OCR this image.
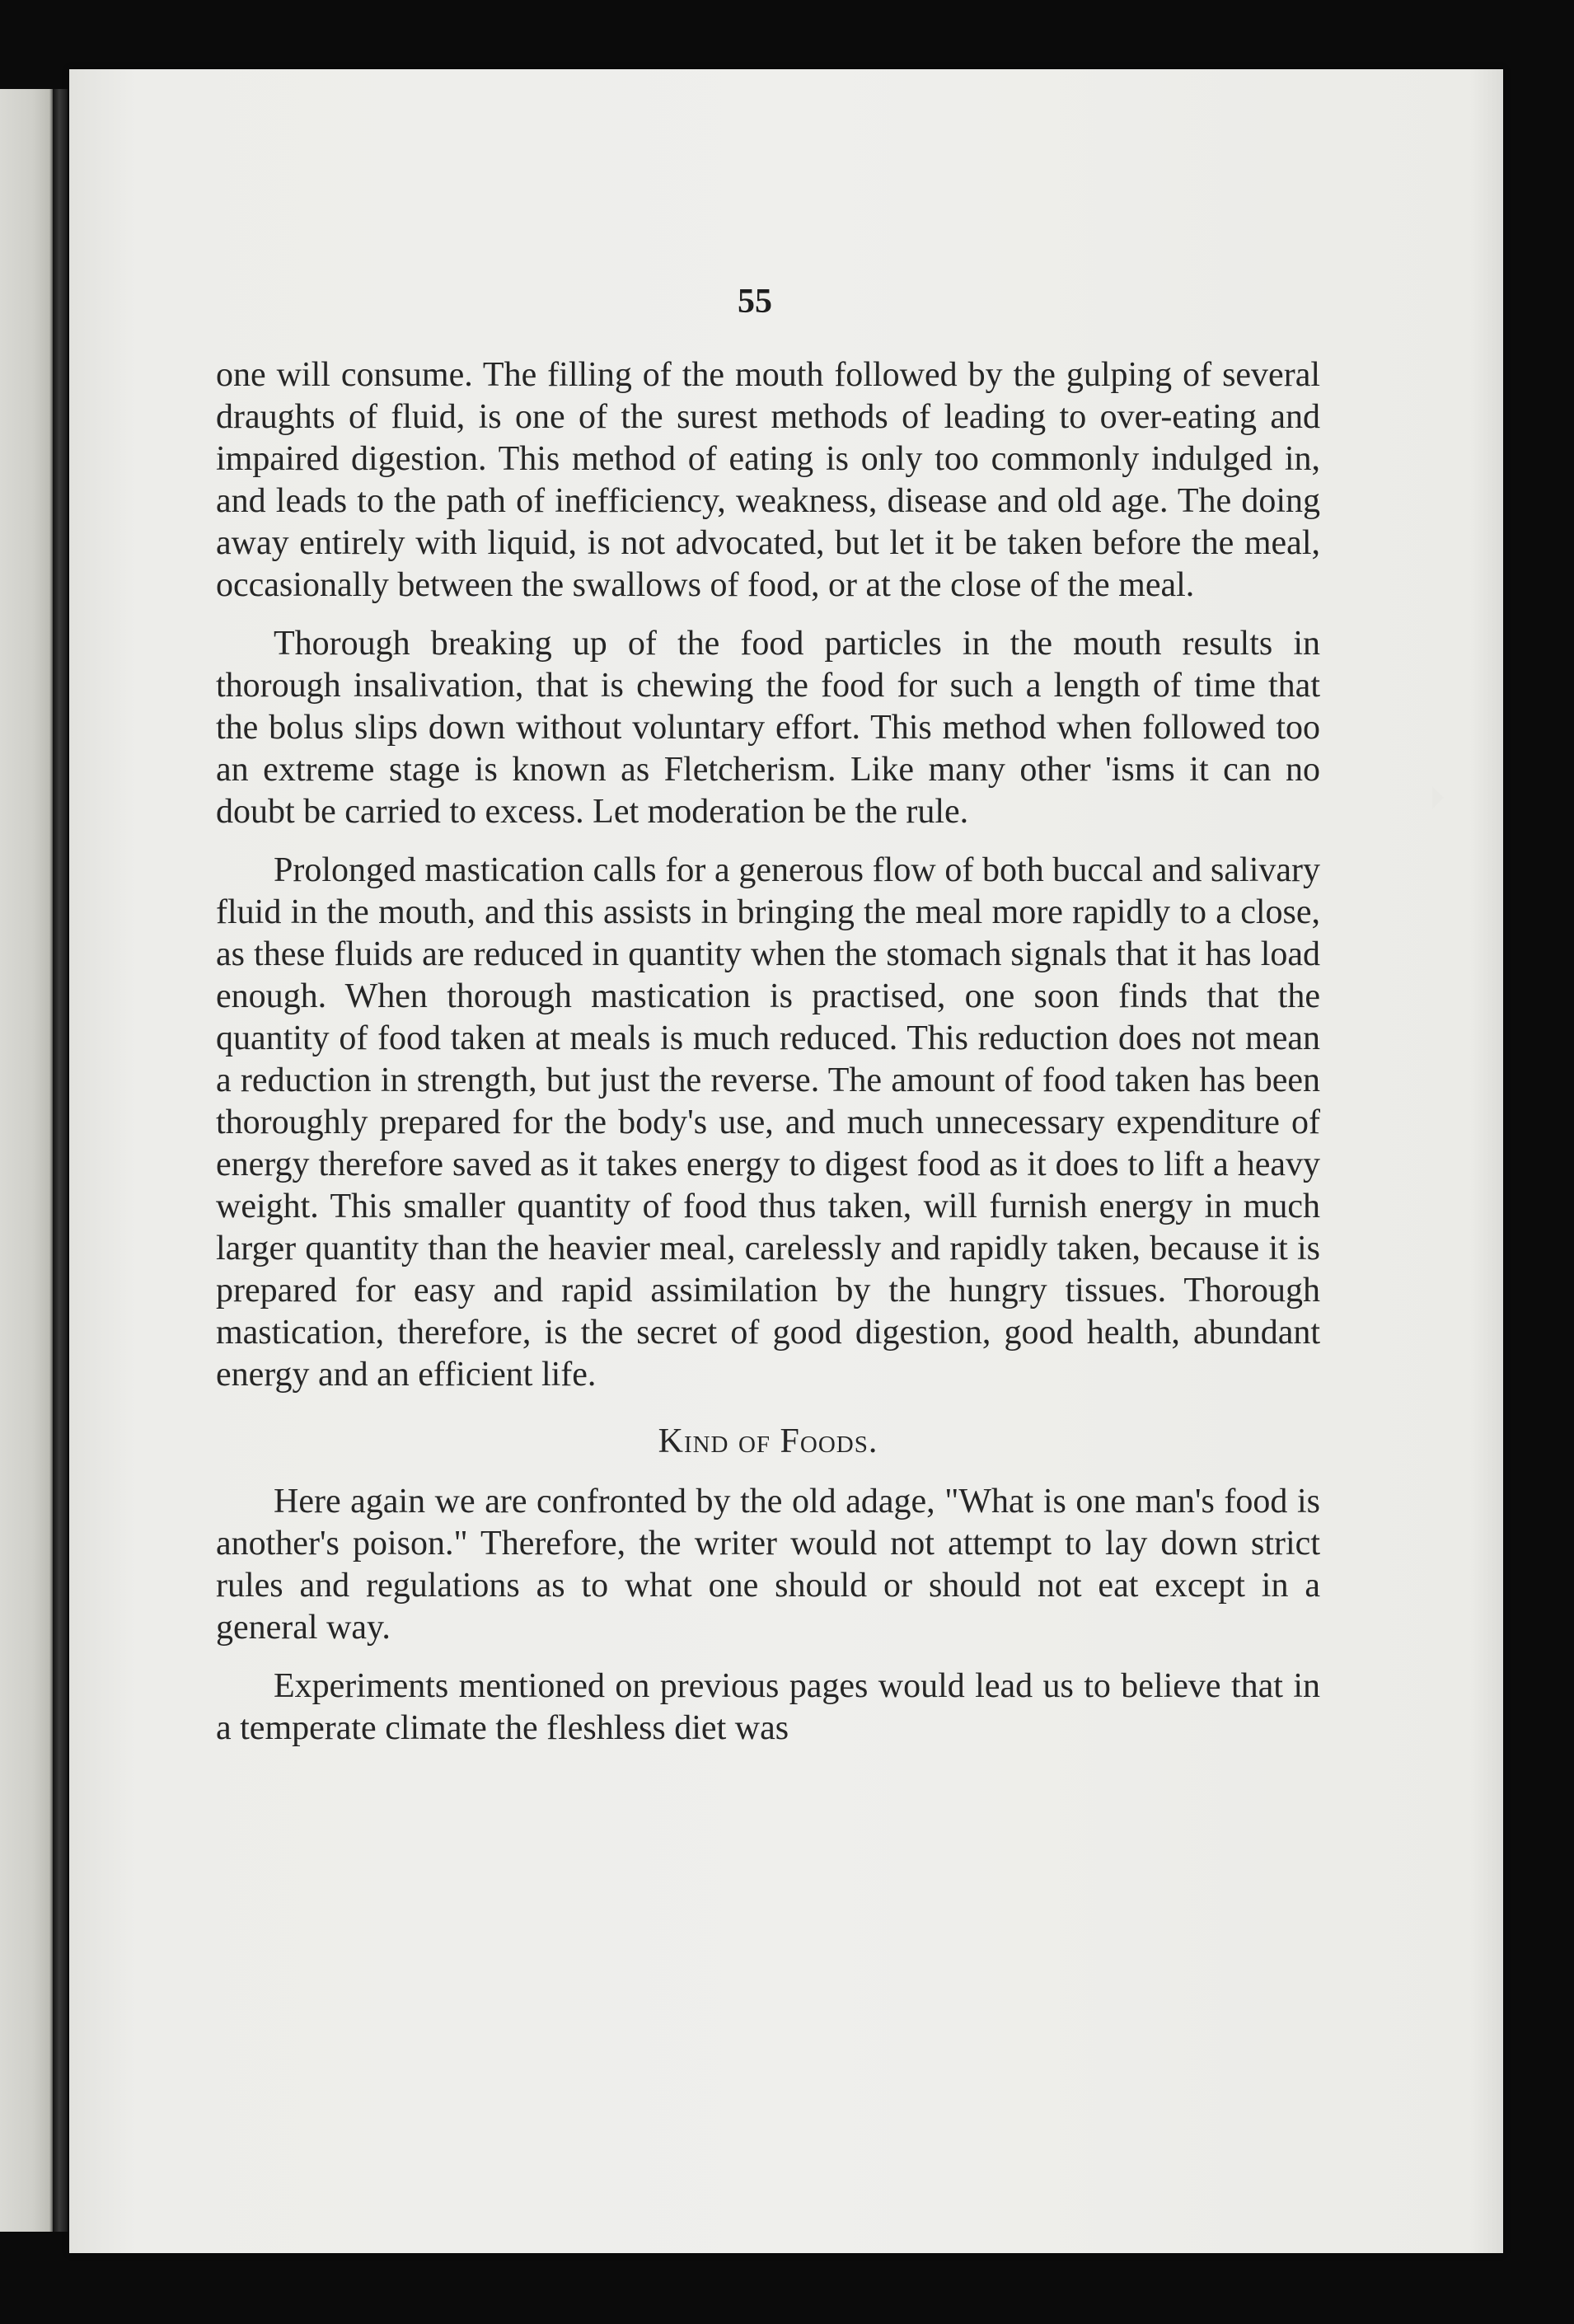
55

one will consume. The filling of the mouth followed by the gulping of several draughts of fluid, is one of the surest methods of leading to over-eating and impaired digestion. This method of eating is only too commonly indulged in, and leads to the path of inefficiency, weakness, disease and old age. The doing away entirely with liquid, is not advocated, but let it be taken before the meal, occasionally between the swallows of food, or at the close of the meal.

Thorough breaking up of the food particles in the mouth results in thorough insalivation, that is chewing the food for such a length of time that the bolus slips down without voluntary effort. This method when followed too an extreme stage is known as Fletcherism. Like many other 'isms it can no doubt be carried to excess. Let moderation be the rule.

Prolonged mastication calls for a generous flow of both buccal and salivary fluid in the mouth, and this assists in bringing the meal more rapidly to a close, as these fluids are reduced in quantity when the stomach signals that it has load enough. When thorough mastication is practised, one soon finds that the quantity of food taken at meals is much reduced. This reduction does not mean a reduction in strength, but just the reverse. The amount of food taken has been thoroughly prepared for the body's use, and much unnecessary expenditure of energy therefore saved as it takes energy to digest food as it does to lift a heavy weight. This smaller quantity of food thus taken, will furnish energy in much larger quantity than the heavier meal, carelessly and rapidly taken, because it is prepared for easy and rapid assimilation by the hungry tissues. Thorough mastication, therefore, is the secret of good digestion, good health, abundant energy and an efficient life.

Kind of Foods.

Here again we are confronted by the old adage, "What is one man's food is another's poison." Therefore, the writer would not attempt to lay down strict rules and regulations as to what one should or should not eat except in a general way.

Experiments mentioned on previous pages would lead us to believe that in a temperate climate the fleshless diet was
